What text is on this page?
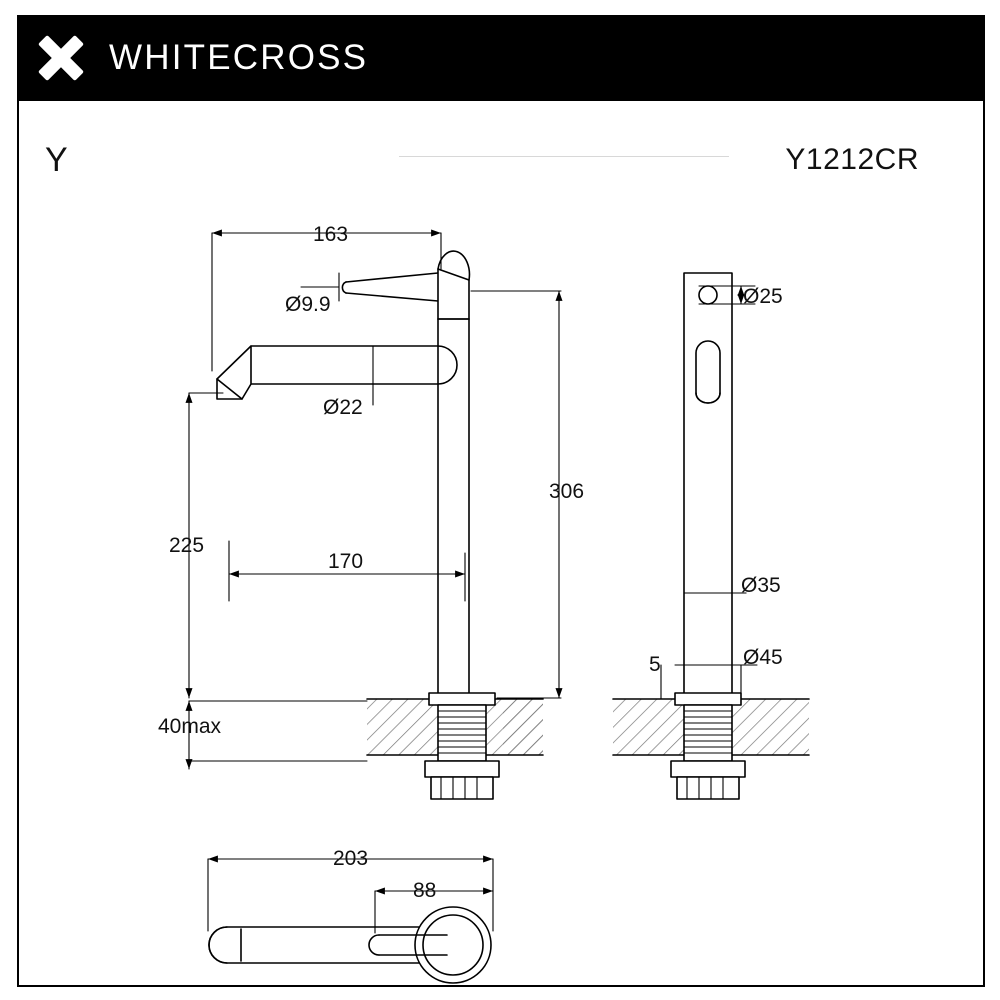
WHITECROSS
Y	Y1212CR
163
Ø9.9
Ø22
306
225
170
40max
Ø25
Ø35
Ø45
5
203
88
